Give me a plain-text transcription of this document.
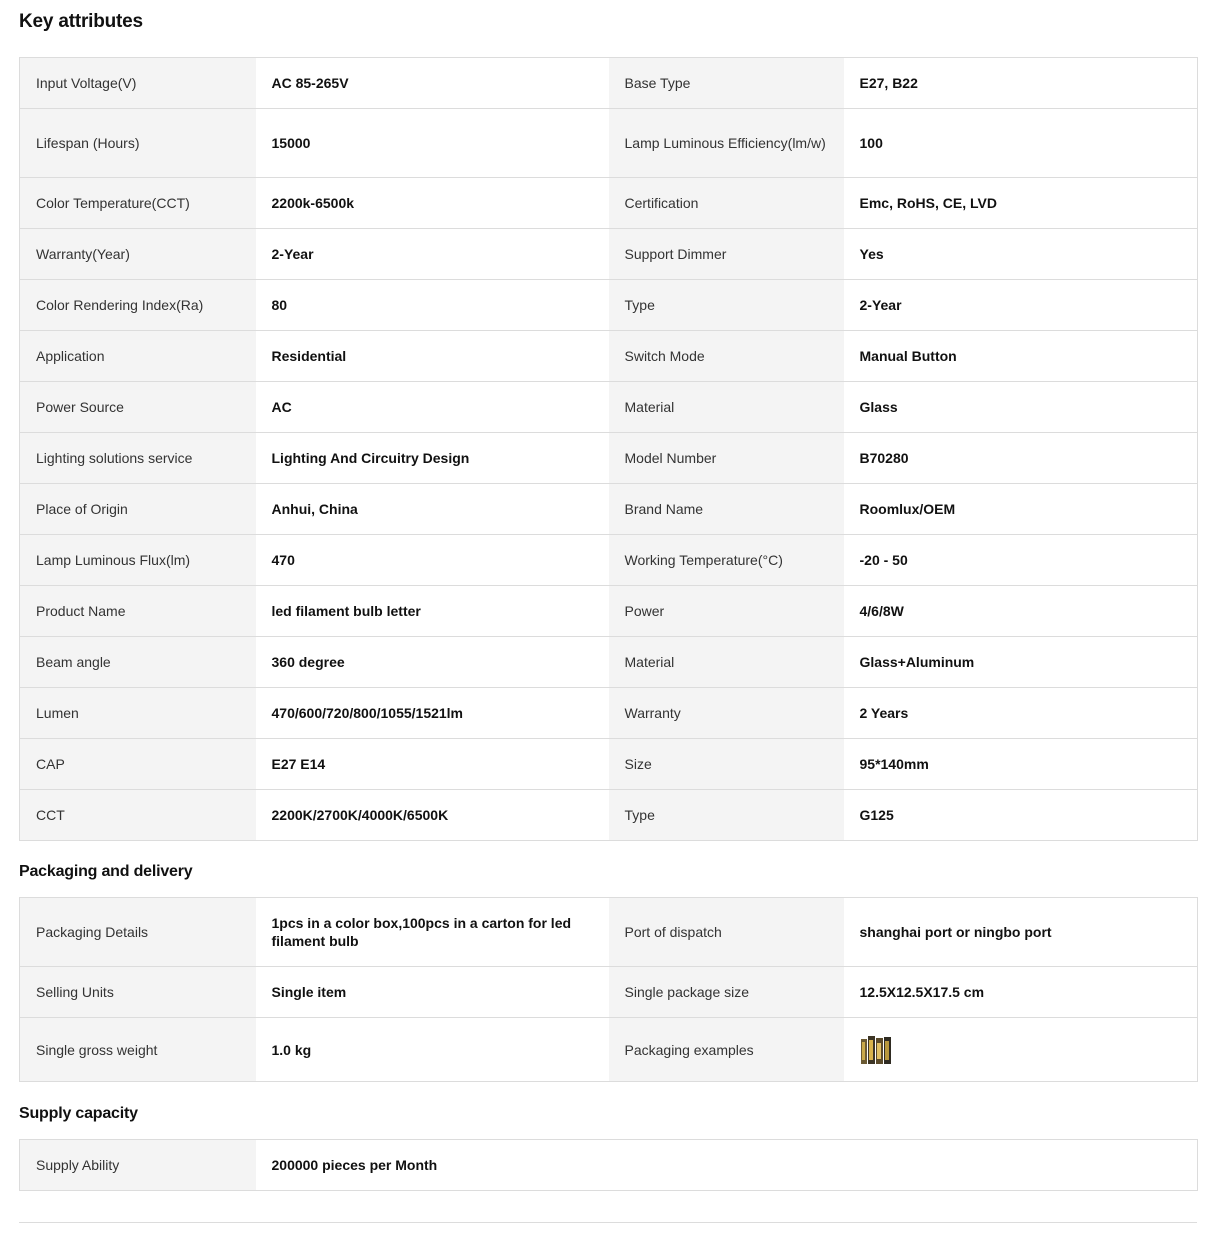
Key attributes
Input Voltage(V)	AC 85-265V	Base Type	E27, B22
Lifespan (Hours)	15000	Lamp Luminous Efficiency(lm/w)	100
Color Temperature(CCT)	2200k-6500k	Certification	Emc, RoHS, CE, LVD
Warranty(Year)	2-Year	Support Dimmer	Yes
Color Rendering Index(Ra)	80	Type	2-Year
Application	Residential	Switch Mode	Manual Button
Power Source	AC	Material	Glass
Lighting solutions service	Lighting And Circuitry Design	Model Number	B70280
Place of Origin	Anhui, China	Brand Name	Roomlux/OEM
Lamp Luminous Flux(lm)	470	Working Temperature(°C)	-20 - 50
Product Name	led filament bulb letter	Power	4/6/8W
Beam angle	360 degree	Material	Glass+Aluminum
Lumen	470/600/720/800/1055/1521lm	Warranty	2 Years
CAP	E27 E14	Size	95*140mm
CCT	2200K/2700K/4000K/6500K	Type	G125
Packaging and delivery
Packaging Details	1pcs in a color box,100pcs in a carton for led filament bulb	Port of dispatch	shanghai port or ningbo port
Selling Units	Single item	Single package size	12.5X12.5X17.5 cm
Single gross weight	1.0 kg	Packaging examples	
Supply capacity
Supply Ability	200000 pieces per Month
